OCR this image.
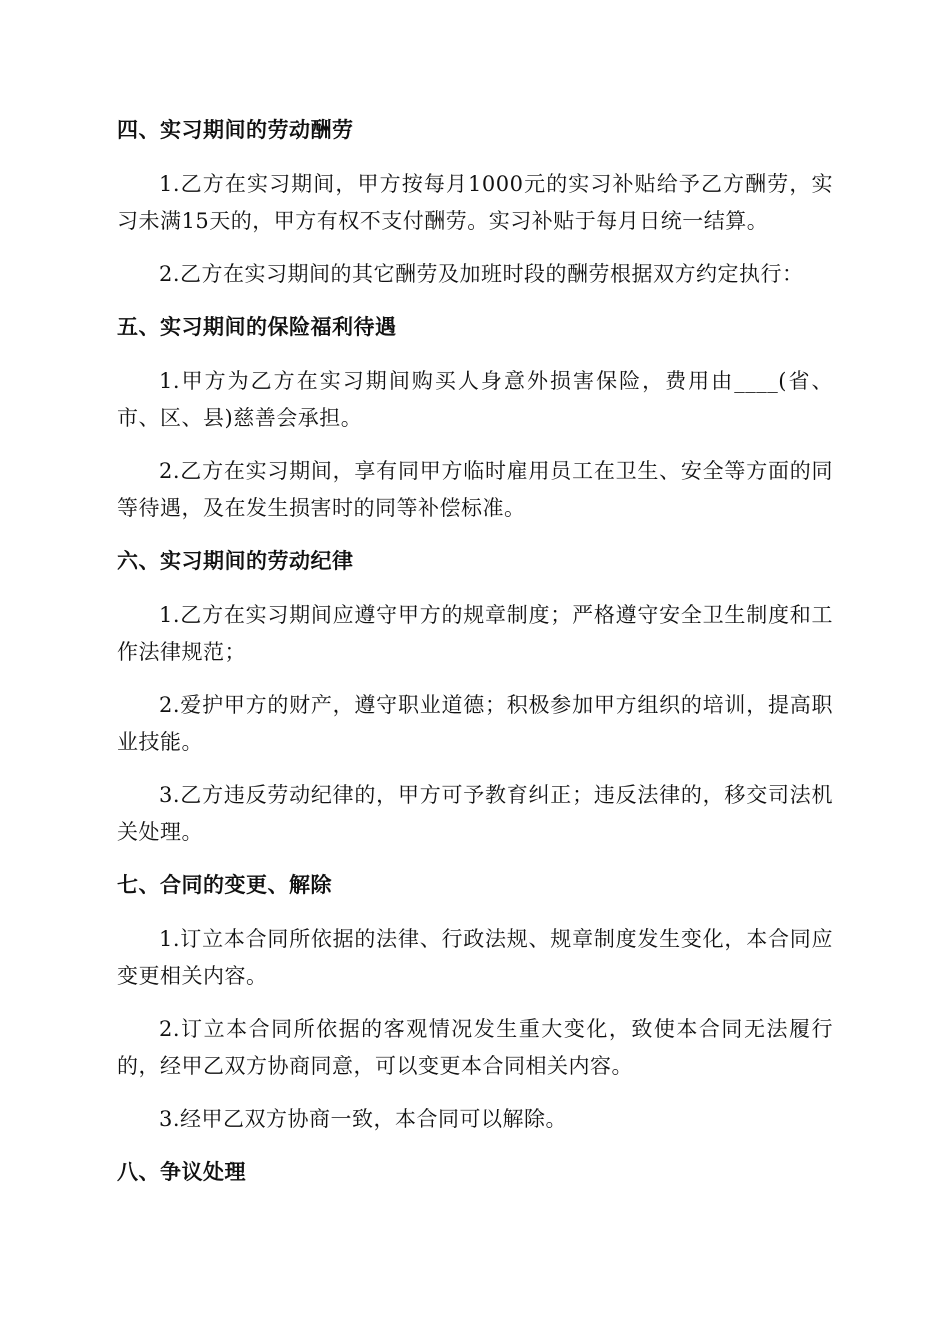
四、实习期间的劳动酬劳

1.乙方在实习期间，甲方按每月1000元的实习补贴给予乙方酬劳，实习未满15天的，甲方有权不支付酬劳。实习补贴于每月日统一结算。

2.乙方在实习期间的其它酬劳及加班时段的酬劳根据双方约定执行：

五、实习期间的保险福利待遇

1.甲方为乙方在实习期间购买人身意外损害保险，费用由____(省、市、区、县)慈善会承担。

2.乙方在实习期间，享有同甲方临时雇用员工在卫生、安全等方面的同等待遇，及在发生损害时的同等补偿标准。

六、实习期间的劳动纪律

1.乙方在实习期间应遵守甲方的规章制度；严格遵守安全卫生制度和工作法律规范；

2.爱护甲方的财产，遵守职业道德；积极参加甲方组织的培训，提高职业技能。

3.乙方违反劳动纪律的，甲方可予教育纠正；违反法律的，移交司法机关处理。

七、合同的变更、解除

1.订立本合同所依据的法律、行政法规、规章制度发生变化，本合同应变更相关内容。

2.订立本合同所依据的客观情况发生重大变化，致使本合同无法履行的，经甲乙双方协商同意，可以变更本合同相关内容。

3.经甲乙双方协商一致，本合同可以解除。

八、争议处理
